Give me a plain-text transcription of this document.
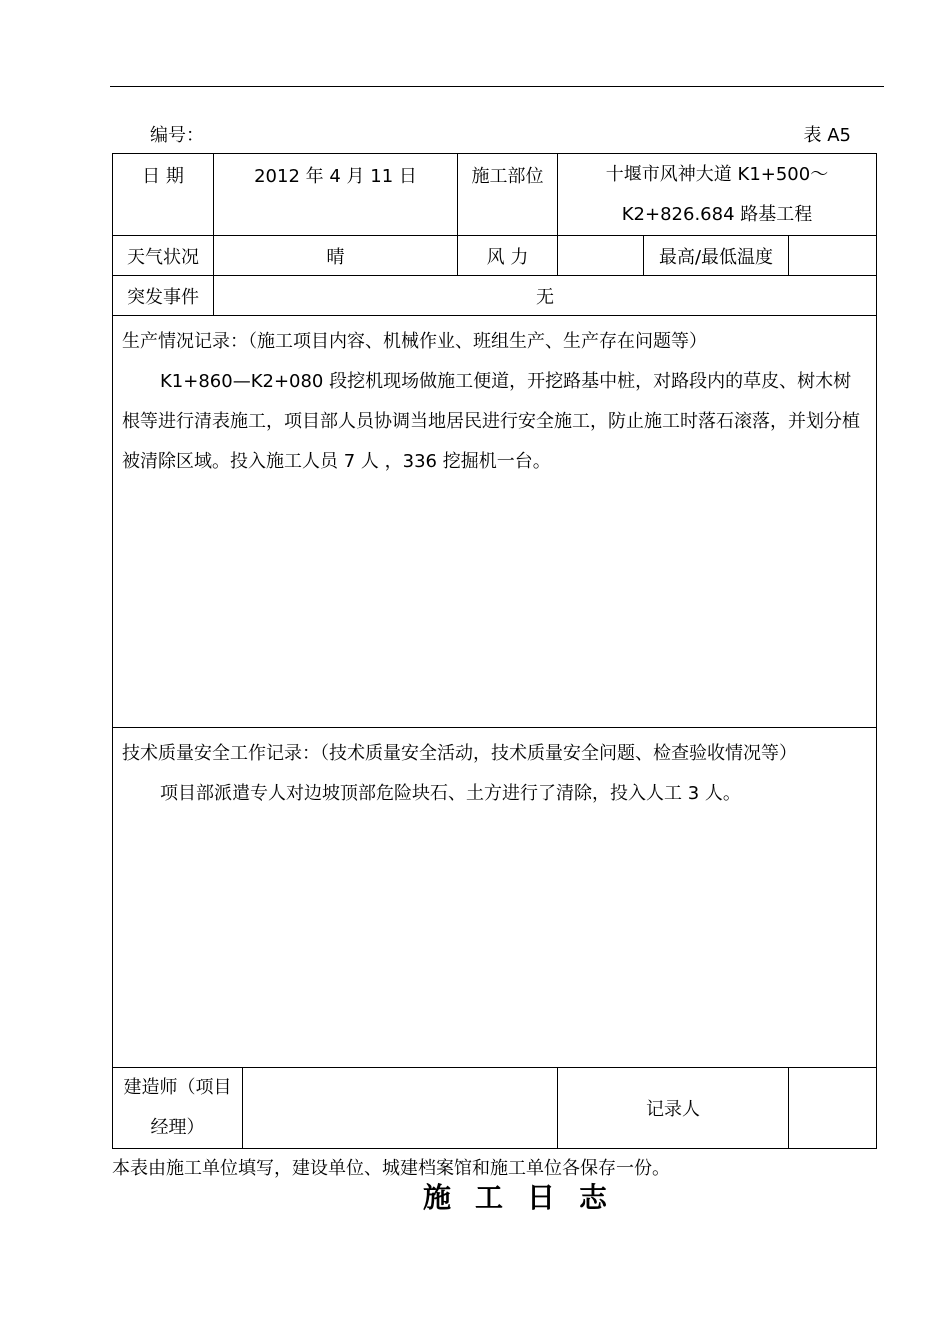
编号：	表 A5
日 期	2012 年 4 月 11 日		施工部位	十堰市风神大道 K1+500～
K2+826.684 路基工程		

天气状况	晴		风 力		最高/最低温度	
突发事件	无					

生产情况记录：（施工项目内容、机械作业、班组生产、生产存在问题等）
K1+860—K2+080 段挖机现场做施工便道，开挖路基中桩，对路段内的草皮、树木树根等进行清表施工，项目部人员协调当地居民进行安全施工，防止施工时落石滚落，并划分植被清除区域。投入施工人员 7 人 ，336 挖掘机一台。						

技术质量安全工作记录：（技术质量安全活动，技术质量安全问题、检查验收情况等）
项目部派遣专人对边坡顶部危险块石、土方进行了清除，投入人工 3 人。						

建造师（项目
经理）				记录人		
本表由施工单位填写，建设单位、城建档案馆和施工单位各保存一份。
施工日志
